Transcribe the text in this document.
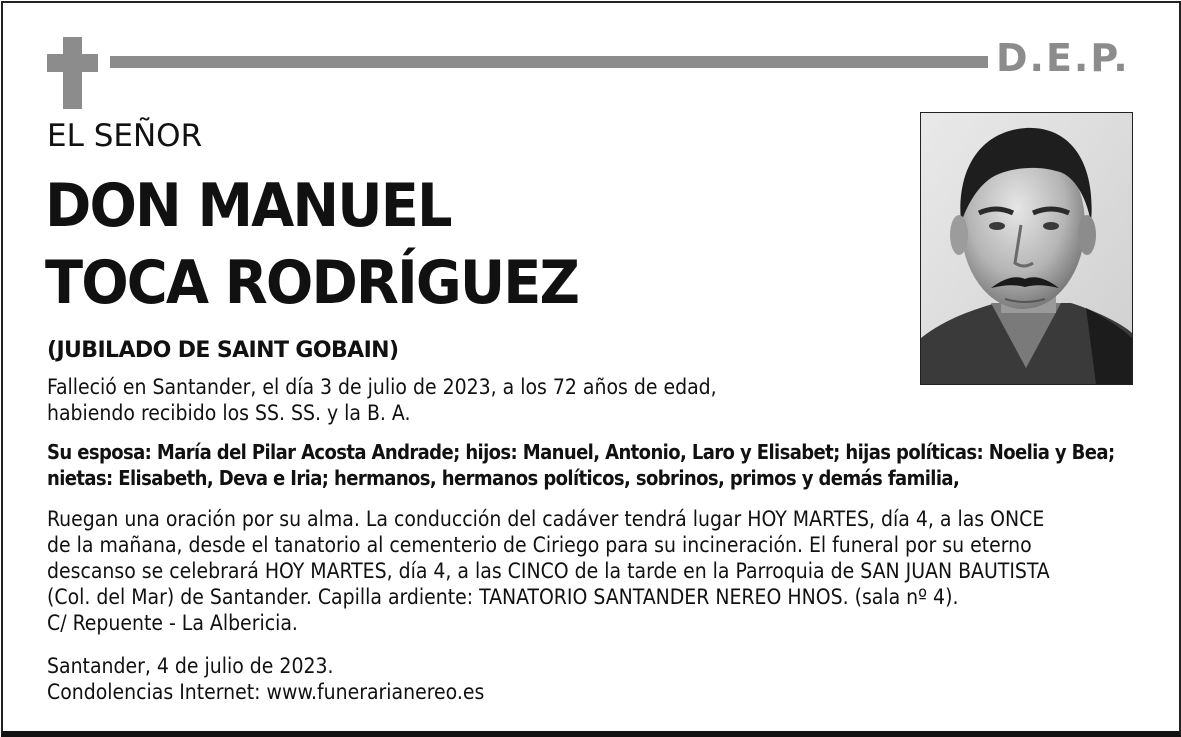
D.E.P.
EL SEÑOR
DON MANUEL
TOCA RODRÍGUEZ
(JUBILADO DE SAINT GOBAIN)
Falleció en Santander, el día 3 de julio de 2023, a los 72 años de edad,
habiendo recibido los SS. SS. y la B. A.
Su esposa: María del Pilar Acosta Andrade; hijos: Manuel, Antonio, Laro y Elisabet; hijas políticas: Noelia y Bea;
nietas: Elisabeth, Deva e Iria; hermanos, hermanos políticos, sobrinos, primos y demás familia,
Ruegan una oración por su alma. La conducción del cadáver tendrá lugar HOY MARTES, día 4, a las ONCE
de la mañana, desde el tanatorio al cementerio de Ciriego para su incineración. El funeral por su eterno
descanso se celebrará HOY MARTES, día 4, a las CINCO de la tarde en la Parroquia de SAN JUAN BAUTISTA
(Col. del Mar) de Santander. Capilla ardiente: TANATORIO SANTANDER NEREO HNOS. (sala nº 4).
C/ Repuente - La Albericia.
Santander, 4 de julio de 2023.
Condolencias Internet: www.funerarianereo.es
